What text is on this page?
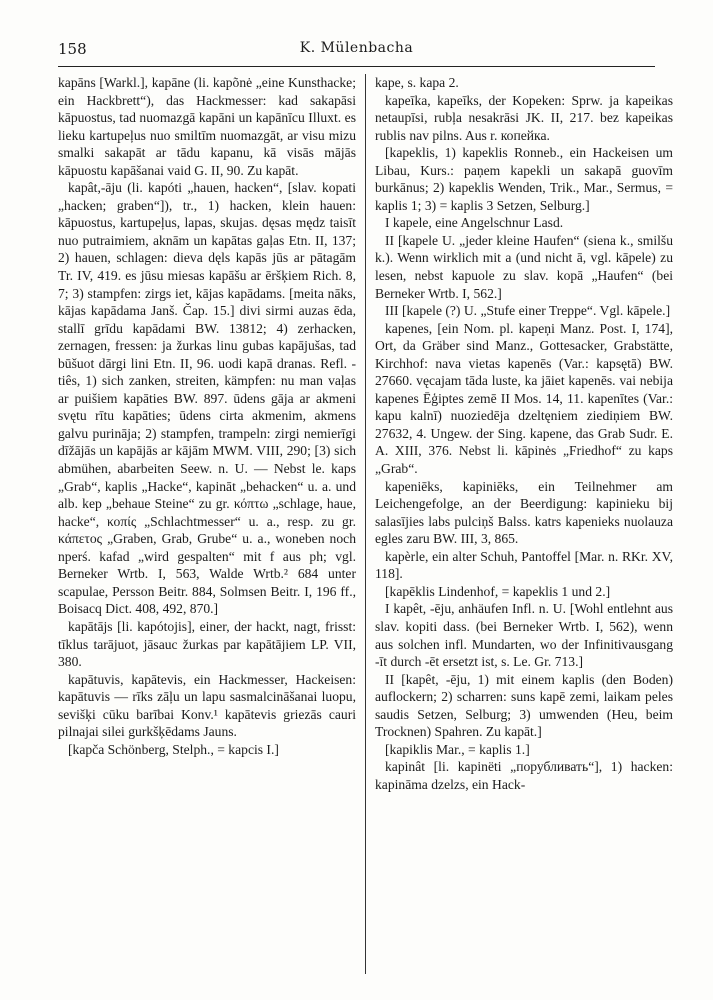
158	K. Mülenbacha

kapāns [Warkl.], kapāne (li. kapõnė „eine Kunsthacke; ein Hackbrett“), das Hackmesser: kad sakapāsi kāpuostus, tad nuomazgā kapāni un kapānīcu Illuxt. es lieku kartupeļus nuo smiltīm nuomazgāt, ar visu mizu smalki sakapāt ar tādu kapanu, kā visās mājās kāpuostu kapāšanai vaid G. II, 90. Zu kapāt.

kapât,-āju (li. kapóti „hauen, hacken“, [slav. kopati „hacken; graben“]), tr., 1) hacken, klein hauen: kāpuostus, kartupeļus, lapas, skujas. dęsas mędz taisīt nuo putraimiem, aknām un kapātas gaļas Etn. II, 137; 2) hauen, schlagen: dieva dęls kapās jūs ar pātagām Tr. IV, 419. es jūsu miesas kapāšu ar ēršķiem Rich. 8, 7; 3) stampfen: zirgs iet, kājas kapādams. [meita nāks, kājas kapādama Janš. Čap. 15.] divi sirmi auzas ēda, stallī grīdu kapādami BW. 13812; 4) zerhacken, zernagen, fressen: ja žurkas linu gubas kapājušas, tad būšuot dārgi lini Etn. II, 96. uodi kapā dranas. Refl. -tiês, 1) sich zanken, streiten, kämpfen: nu man vaļas ar puišiem kapāties BW. 897. ūdens gāja ar akmeni svętu rītu kapāties; ūdens cirta akmenim, akmens galvu purināja; 2) stampfen, trampeln: zirgi nemierīgi dīžājās un kapājās ar kājām MWM. VIII, 290; [3) sich abmühen, abarbeiten Seew. n. U. — Nebst le. kaps „Grab“, kaplis „Hacke“, kapināt „behacken“ u. a. und alb. kep „behaue Steine“ zu gr. κόπτω „schlage, haue, hacke“, κοπίς „Schlachtmesser“ u. a., resp. zu gr. κάπετος „Graben, Grab, Grube“ u. a., woneben noch nperś. kafad „wird gespalten“ mit f aus ph; vgl. Berneker Wrtb. I, 563, Walde Wrtb.² 684 unter scapulae, Persson Beitr. 884, Solmsen Beitr. I, 196 ff., Boisacq Dict. 408, 492, 870.]

kapātājs [li. kapótojis], einer, der hackt, nagt, frisst: tīklus tarājuot, jāsauc žurkas par kapātājiem LP. VII, 380.

kapātuvis, kapātevis, ein Hackmesser, Hackeisen: kapātuvis — rīks zāļu un lapu sasmalcināšanai luopu, sevišķi cūku barībai Konv.¹ kapātevis griezās cauri pilnajai silei gurkšķēdams Jauns.

[kapča Schönberg, Stelph., = kapcis I.]

kape, s. kapa 2.

kapeīka, kapeīks, der Kopeken: Sprw. ja kapeikas netaupīsi, rubļa nesakrāsi JK. II, 217. bez kapeikas rublis nav pilns. Aus r. копейка.

[kapeklis, 1) kapeklis Ronneb., ein Hackeisen um Libau, Kurs.: paņem kapekli un sakapā guovīm burkānus; 2) kapeklis Wenden, Trik., Mar., Sermus, = kaplis 1; 3) = kaplis 3 Setzen, Selburg.]

I kapele, eine Angelschnur Lasd.

II [kapele U. „jeder kleine Haufen“ (siena k., smilšu k.). Wenn wirklich mit a (und nicht ā, vgl. kāpele) zu lesen, nebst kapuole zu slav. kopā „Haufen“ (bei Berneker Wrtb. I, 562.]

III [kapele (?) U. „Stufe einer Treppe“. Vgl. kāpele.]

kapenes, [ein Nom. pl. kapeņi Manz. Post. I, 174], Ort, da Gräber sind Manz., Gottesacker, Grabstätte, Kirchhof: nava vietas kapenēs (Var.: kapsętā) BW. 27660. vęcajam tāda luste, ka jāiet kapenēs. vai nebija kapenes Ēģiptes zemē II Mos. 14, 11. kapenītes (Var.: kapu kalnī) nuoziedēja dzeltęniem ziediņiem BW. 27632, 4. Ungew. der Sing. kapene, das Grab Sudr. E. A. XIII, 376. Nebst li. kāpinės „Friedhof“ zu kaps „Grab“.

kapeniēks, kapiniēks, ein Teilnehmer am Leichengefolge, an der Beerdigung: kapinieku bij salasījies labs pulciņš Balss. katrs kapenieks nuolauza egles zaru BW. III, 3, 865.

kapèrle, ein alter Schuh, Pantoffel [Mar. n. RKr. XV, 118].

[kapēklis Lindenhof, = kapeklis 1 und 2.]

I kapêt, -ēju, anhäufen Infl. n. U. [Wohl entlehnt aus slav. kopiti dass. (bei Berneker Wrtb. I, 562), wenn aus solchen infl. Mundarten, wo der Infinitivausgang -īt durch -ēt ersetzt ist, s. Le. Gr. 713.]

II [kapêt, -ēju, 1) mit einem kaplis (den Boden) auflockern; 2) scharren: suns kapē zemi, laikam peles saudis Setzen, Selburg; 3) umwenden (Heu, beim Trocknen) Spahren. Zu kapāt.]

[kapiklis Mar., = kaplis 1.]

kapinât [li. kapinëti „порубливать“], 1) hacken: kapināma dzelzs, ein Hack-
